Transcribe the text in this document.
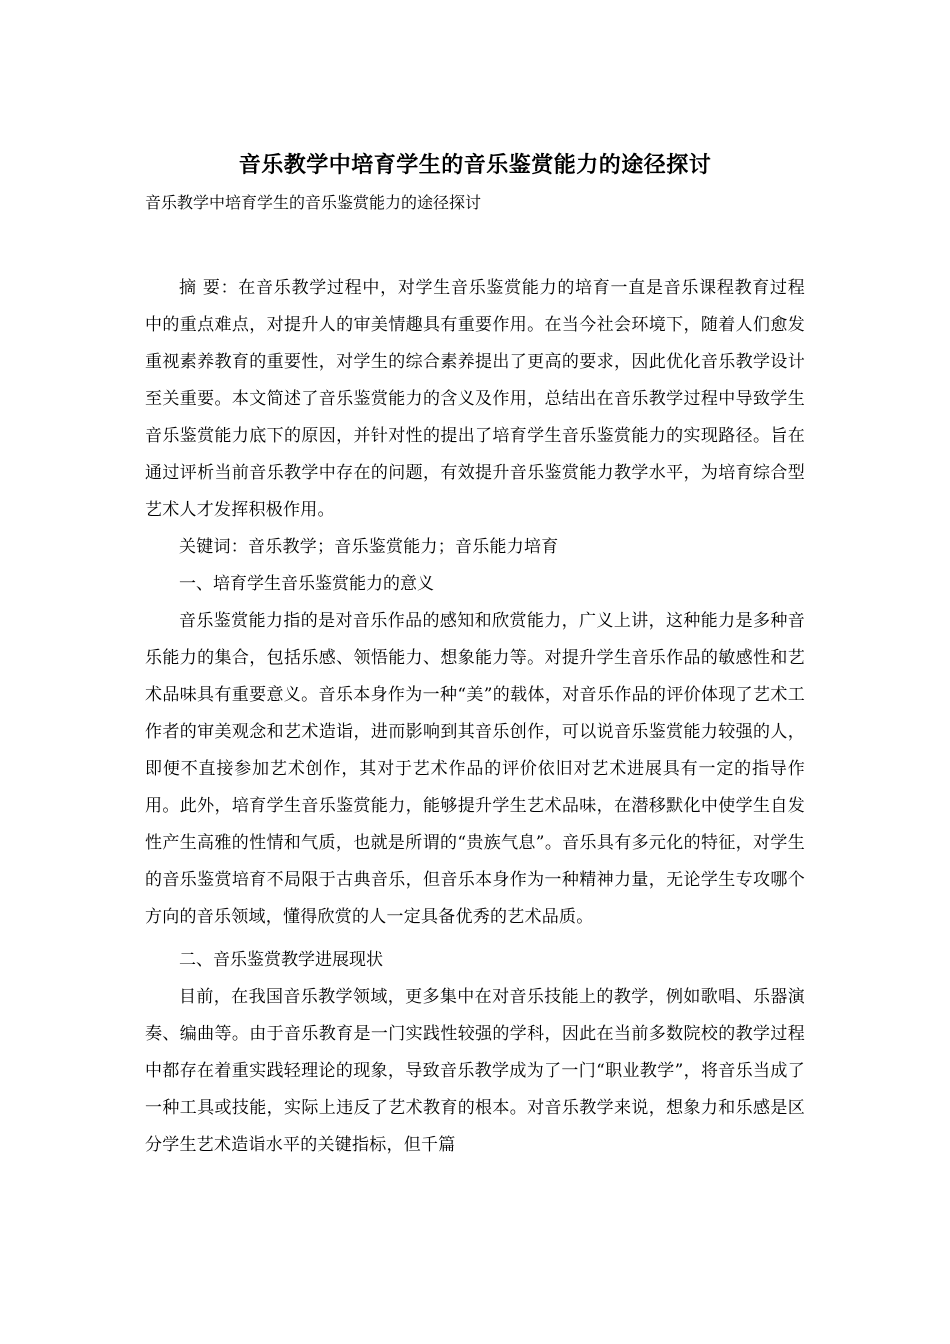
音乐教学中培育学生的音乐鉴赏能力的途径探讨
音乐教学中培育学生的音乐鉴赏能力的途径探讨

摘 要：在音乐教学过程中，对学生音乐鉴赏能力的培育一直是音乐课程教育过程中的重点难点，对提升人的审美情趣具有重要作用。在当今社会环境下，随着人们愈发重视素养教育的重要性，对学生的综合素养提出了更高的要求，因此优化音乐教学设计至关重要。本文简述了音乐鉴赏能力的含义及作用，总结出在音乐教学过程中导致学生音乐鉴赏能力底下的原因，并针对性的提出了培育学生音乐鉴赏能力的实现路径。旨在通过评析当前音乐教学中存在的问题，有效提升音乐鉴赏能力教学水平，为培育综合型艺术人才发挥积极作用。

关键词：音乐教学；音乐鉴赏能力；音乐能力培育

一、培育学生音乐鉴赏能力的意义

音乐鉴赏能力指的是对音乐作品的感知和欣赏能力，广义上讲，这种能力是多种音乐能力的集合，包括乐感、领悟能力、想象能力等。对提升学生音乐作品的敏感性和艺术品味具有重要意义。音乐本身作为一种“美”的载体，对音乐作品的评价体现了艺术工作者的审美观念和艺术造诣，进而影响到其音乐创作，可以说音乐鉴赏能力较强的人，即便不直接参加艺术创作，其对于艺术作品的评价依旧对艺术进展具有一定的指导作用。此外，培育学生音乐鉴赏能力，能够提升学生艺术品味，在潜移默化中使学生自发性产生高雅的性情和气质，也就是所谓的“贵族气息”。音乐具有多元化的特征，对学生的音乐鉴赏培育不局限于古典音乐，但音乐本身作为一种精神力量，无论学生专攻哪个方向的音乐领域，懂得欣赏的人一定具备优秀的艺术品质。

二、音乐鉴赏教学进展现状

目前，在我国音乐教学领域，更多集中在对音乐技能上的教学，例如歌唱、乐器演奏、编曲等。由于音乐教育是一门实践性较强的学科，因此在当前多数院校的教学过程中都存在着重实践轻理论的现象，导致音乐教学成为了一门“职业教学”，将音乐当成了一种工具或技能，实际上违反了艺术教育的根本。对音乐教学来说，想象力和乐感是区分学生艺术造诣水平的关键指标，但千篇
